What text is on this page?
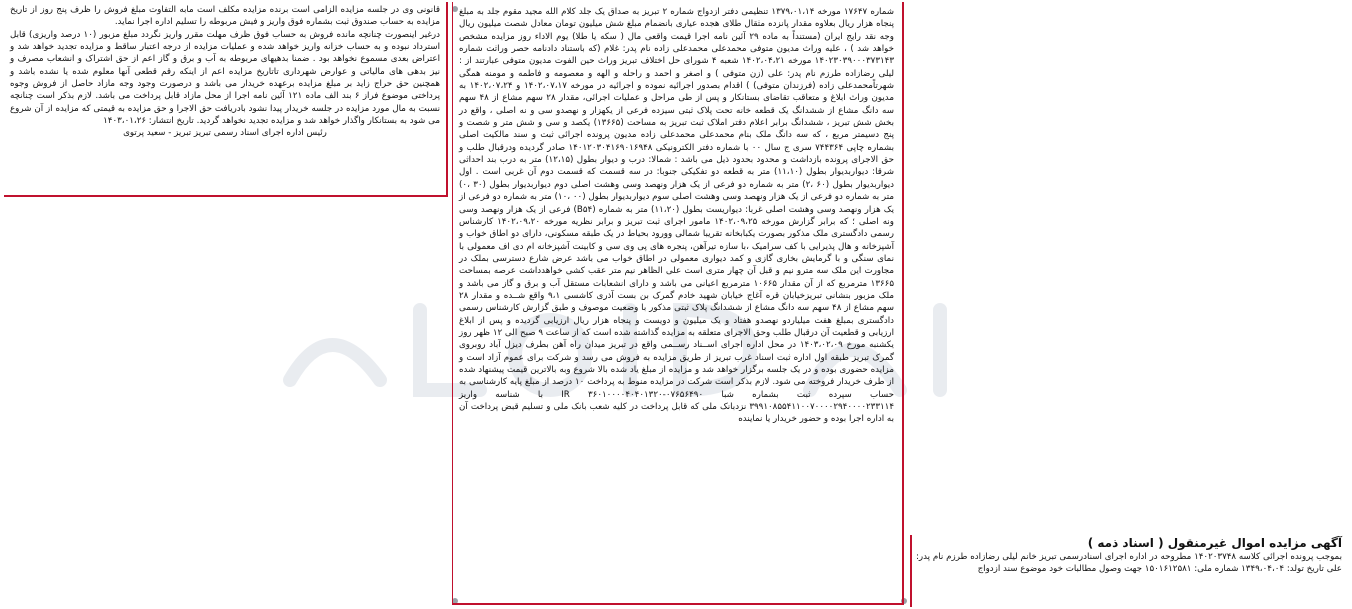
آگهی مزایده اموال غیرمنقول ( اسناد ذمه )

بموجب پرونده اجرائی کلاسه ۱۴۰۲۰۳۷۴۸ مطروحه در اداره اجرای اسنادرسمی تبریز خانم لیلی رضازاده طرزم نام پدر: علی تاریخ تولد: ۱۳۴۹،۰۴،۰۴ شماره ملی: ۱۵۰۱۶۱۲۵۸۱ جهت وصول مطالبات خود موضوع سند ازدواج

شماره ۱۷۶۴۷ مورخه ۱۳۷۹،۰۱،۱۴ تنظیمی دفتر ازدواج شماره ۲ تبریز به صداق یک جلد کلام الله مجید مقوم جلد به مبلغ پنجاه هزار ریال بعلاوه مقدار پانزده مثقال طلای هجده عیاری بانضمام مبلغ شش میلیون تومان معادل شصت میلیون ریال وجه نقد رایج ایران (مستنداً به ماده ۲۹ آئین نامه اجرا قیمت واقعی مال ( سکه یا طلا) یوم الاداء روز مزایده مشخص خواهد شد ) ، علیه وراث مدیون متوفی محمدعلی محمدعلی زاده نام پدر: غلام (که باستناد دادنامه حصر وراثت شماره ۱۴۰۲۳۰۳۹۰۰۰۳۷۳۱۴۳ مورخه ۱۴۰۲،۰۴،۲۱ شعبه ۴ شورای حل اختلاف تبریز وراث حین الفوت مدیون متوفی عبارتند از : لیلی رضازاده طرزم نام پدر: علی (زن متوفی ) و اصغر و احمد و راحله و الهه و معصومه و فاطمه و مومنه همگی شهرتاًمحمدعلی زاده (فرزندان متوفی) ) اقدام بصدور اجرائیه نموده و اجرائیه در مورخه ۱۴۰۲،۰۷،۱۷ و ۱۴۰۲،۰۷،۲۴ به مدیون وراث ابلاغ و متعاقب تقاضای بستانکار و پس از طی مراحل و عملیات اجرائی، مقدار ۲۸ سهم مشاع از ۴۸ سهم سه دانگ مشاع از ششدانگ یک قطعه خانه تحت پلاک ثبتی سیزده فرعی از یکهزار و نهصدو سی و نه اصلی ، واقع در بخش شش تبریز ، ششدانگ برابر اعلام دفتر املاک ثبت تبریز به مساحت (۱۳۶۶۵) یکصد و سی و شش متر و شصت و پنج دسیمتر مربع ، که سه دانگ ملک بنام محمدعلی محمدعلی زاده مدیون پرونده اجرائی ثبت و سند مالکیت اصلی بشماره چاپی ۷۴۴۳۶۴ سری ج سال ۰۰ با شماره دفتر الکترونیکی ۱۴۰۱۲۰۳۰۴۱۶۹۰۱۶۹۴۸ صادر گردیده ودرقبال طلب و حق الاجرای پرونده بازداشت و محدود بحدود ذیل می باشد : شمالا: درب و دیوار بطول (۱۲،۱۵) متر به درب بند احداثی شرقا: دیواربدیوار بطول (۱۱،۱۰) متر به قطعه دو تفکیکی جنوبا: در سه قسمت که قسمت دوم آن غربی است . اول دیواربدیوار بطول (۶۰ ،۲) متر به شماره دو فرعی از یک هزار ونهصد وسی وهشت اصلی دوم دیواربدیوار بطول (۳۰ ،۰) متر به شماره دو فرعی از یک هزار ونهصد وسی وهشت اصلی سوم دیواربدیوار بطول (۰۰ ،۱۰) متر به شماره دو فرعی از یک هزار ونهصد وسی وهشت اصلی غربا: دیواریست بطول (۱۱،۲۰) متر به شماره (B۵۴) فرعی از یک هزار ونهصد وسی ونه اصلی ؛ که برابر گزارش مورخه ۱۴۰۲،۰۹،۲۵ مامور اجرای ثبت تبریز و برابر نظریه مورخه ۱۴۰۲،۰۹،۲۰ کارشناس رسمی دادگستری ملک مذکور بصورت یکبابخانه تقریبا شمالی وورود بحیاط در یک طبقه مسکونی، دارای دو اطاق خواب و آشپزخانه و هال پذیرایی با کف سرامیک ،با سازه تیرآهن، پنجره های پی وی سی و کابینت آشپزخانه ام دی اف معمولی با نمای سنگی و با گرمایش بخاری گازی و کمد دیواری معمولی در اطاق خواب می باشد عرض شارع دسترسی بملک در مجاورت این ملک سه مترو نیم و قبل آن چهار متری است علی الظاهر نیم متر عقب کشی خواهدداشت عرصه بمساحت ۱۳۶۶۵ مترمربع که از آن مقدار ۱۰۶۶۵ مترمربع اعیانی می باشد و دارای انشعابات مستقل آب و برق و گاز می باشد و ملک مزبور بنشانی تبریزخیابان قره آغاج خیابان شهید خادم گمرک بن بست آذری کاشسی ۹،۱ واقع شــده و مقدار ۲۸ سهم مشاع از ۴۸ سهم سه دانگ مشاع از ششدانگ پلاک ثبتی مذکور با وضعیت موصوف و طبق گزارش کارشناس رسمی دادگستری بمبلغ هفت میلیاردو نهصدو هفتاد و یک میلیون و دویست و پنجاه هزار ریال ارزیابی گردیده و پس از ابلاغ ارزیابی و قطعیت آن درقبال طلب وحق الاجرای متعلقه به مزایده گذاشته شده است که از ساعت ۹ صبح الی ۱۲ ظهر روز یکشنبه مورخ ۱۴۰۳،۰۲،۰۹ در محل اداره اجرای اســناد رســمی واقع در تبریز میدان راه آهن بطرف دیزل آباد روبروی گمرک تبریز طبقه اول اداره ثبت اسناد غرب تبریز از طریق مزایده به فروش می رسد و شرکت برای عموم آزاد است و مزایده حضوری بوده و در یک جلسه برگزار خواهد شد و مزایده از مبلغ یاد شده بالا شروع وبه بالاترین قیمت پیشنهاد شده از طرف خریدار فروخته می شود. لازم بذکر است شرکت در مزایده منوط به پرداخت ۱۰ درصد از مبلغ پایه کارشناسی به حساب سپرده ثبت بشماره شبا ۰۷۶۵۶۴۹۰-IR ۳۶۰۱۰۰۰۰۴۰۴۰۱۳۲۰ با شناسه واریز ۳۹۹۱۰۸۵۵۴۱۱۰۰۷۰۰۰۰۲۹۴۰۰۰۰۲۳۳۱۱۴ نزدبانک ملی که قابل پرداخت در کلیه شعب بانک ملی و تسلیم قبض پرداخت آن به اداره اجرا بوده و حضور خریدار یا نماینده

قانونی وی در جلسه مزایده الزامی است برنده مزایده مکلف است مابه التفاوت مبلغ فروش را ظرف پنج روز از تاریخ مزایده به حساب صندوق ثبت بشماره فوق واریز و فیش مربوطه را تسلیم اداره اجرا نماید.

درغیر اینصورت چنانچه مانده فروش به حساب فوق ظرف مهلت مقرر واریز نگردد مبلغ مزبور (۱۰ درصد واریزی) قابل استرداد نبوده و به حساب خزانه واریز خواهد شده و عملیات مزایده از درجه اعتبار ساقط و مزایده تجدید خواهد شد و اعتراض بعدی مسموع نخواهد بود . ضمنا بدهیهای مربوطه به آب و برق و گاز اعم از حق اشتراک و انشعاب مصرف و نیز بدهی های مالیاتی و عوارض شهرداری تاتاریخ مزایده اعم از اینکه رقم قطعی آنها معلوم شده یا نشده باشد و همچنین حق حراج زاید بر مبلغ مزایده برعهده خریدار می باشد و درصورت وجود وجه مازاد حاصل از فروش وجوه پرداختی موضوع فراز ۶ بند الف ماده ۱۲۱ آئین نامه اجرا از محل مازاد قابل پرداخت می باشد. لازم بذکر است چنانچه نسبت به مال مورد مزایده در جلسه خریدار پیدا نشود بادریافت حق الاجرا و حق مزایده به قیمتی که مزایده از آن شروع می شود به بستانکار واگذار خواهد شد و مزایده تجدید نخواهد گردید. تاریخ انتشار: ۱۴۰۳،۰۱،۲۶

رئیس اداره اجرای اسناد رسمی تبریز تبریز - سعید پرتوی
